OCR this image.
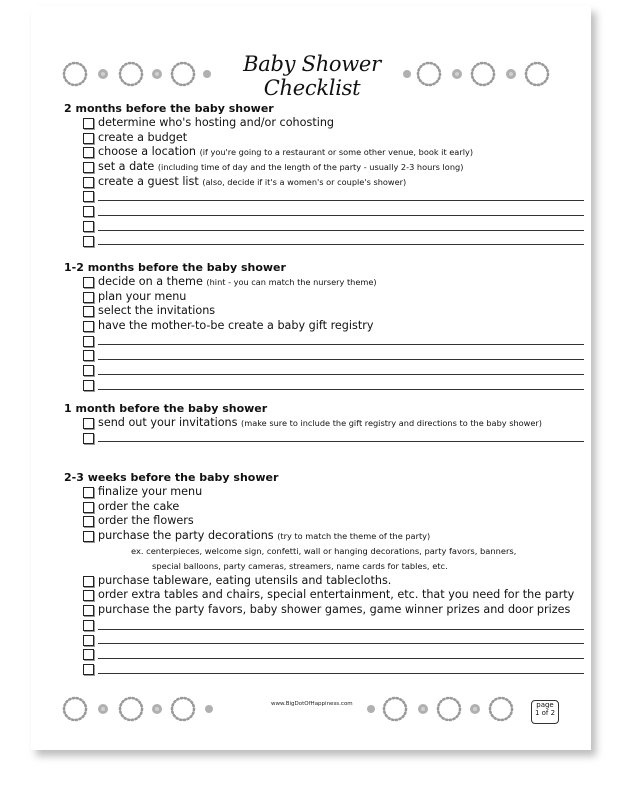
Baby Shower Checklist
2 months before the baby shower
determine who's hosting and/or cohosting
create a budget
choose a location (if you're going to a restaurant or some other venue, book it early)
set a date (including time of day and the length of the party - usually 2-3 hours long)
create a guest list (also, decide if it's a women's or couple's shower)
1-2 months before the baby shower
decide on a theme (hint - you can match the nursery theme)
plan your menu
select the invitations
have the mother-to-be create a baby gift registry
1 month before the baby shower
send out your invitations (make sure to include the gift registry and directions to the baby shower)
2-3 weeks before the baby shower
finalize your menu
order the cake
order the flowers
purchase the party decorations (try to match the theme of the party)
ex. centerpieces, welcome sign, confetti, wall or hanging decorations, party favors, banners,
special balloons, party cameras, streamers, name cards for tables, etc.
purchase tableware, eating utensils and tablecloths.
order extra tables and chairs, special entertainment, etc. that you need for the party
purchase the party favors, baby shower games, game winner prizes and door prizes
www.BigDotOfHappiness.com	page
1 of 2
